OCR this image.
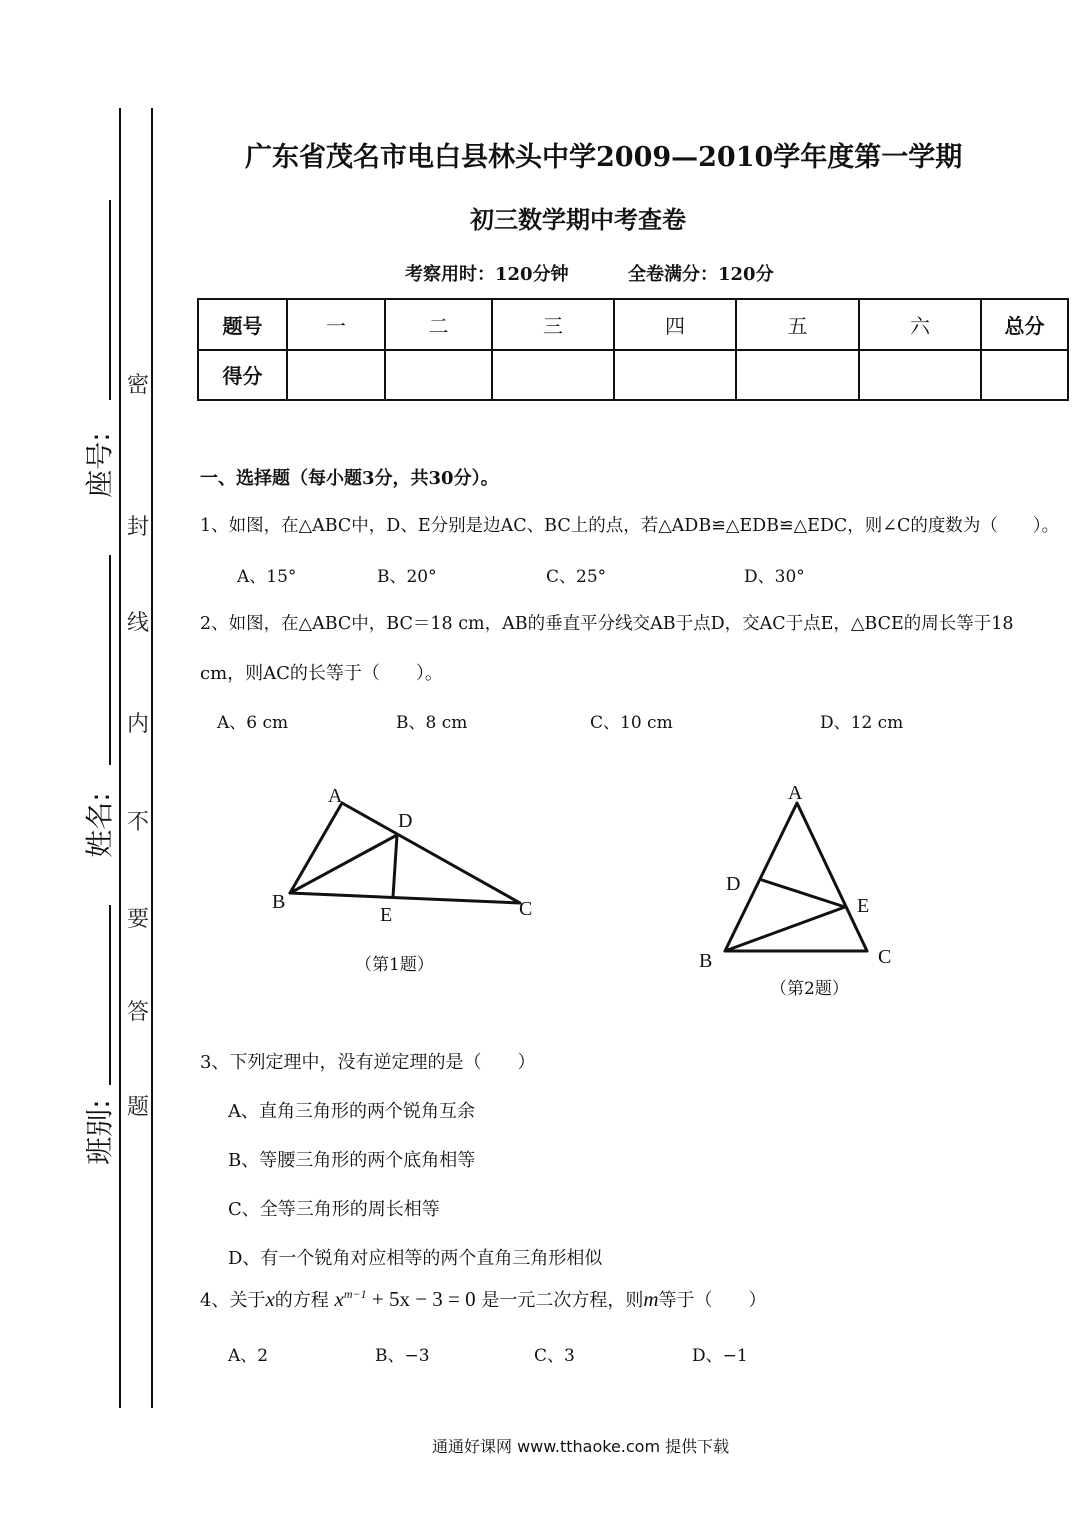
座号:
姓名:
班别:
密
封
线
内
不
要
答
题
广东省茂名市电白县林头中学2009—2010学年度第一学期
初三数学期中考查卷
考察用时：120分钟	全卷满分：120分
题号	一	二	三	四	五	六	总分
得分							
一、选择题（每小题3分，共30分）。
1、如图，在△ABC中，D、E分别是边AC、BC上的点，若△ADB≌△EDB≌△EDC，则∠C的度数为（　　）。
A、15°	B、20°	C、25°	D、30°
2、如图，在△ABC中，BC＝18 cm，AB的垂直平分线交AB于点D，交AC于点E，△BCE的周长等于18
cm，则AC的长等于（　　）。
A、6 cm	B、8 cm	C、10 cm	D、12 cm
A
D
B
E	C
（第1题）
A
D
E
B	C
（第2题）
3、下列定理中，没有逆定理的是（　　）
A、直角三角形的两个锐角互余
B、等腰三角形的两个底角相等
C、全等三角形的周长相等
D、有一个锐角对应相等的两个直角三角形相似
4、关于x的方程 $x^{m-1} + 5x - 3 = 0$ 是一元二次方程，则m等于（　　）
A、2	B、−3	C、3	D、−1
通通好课网 www.tthaoke.com 提供下载
